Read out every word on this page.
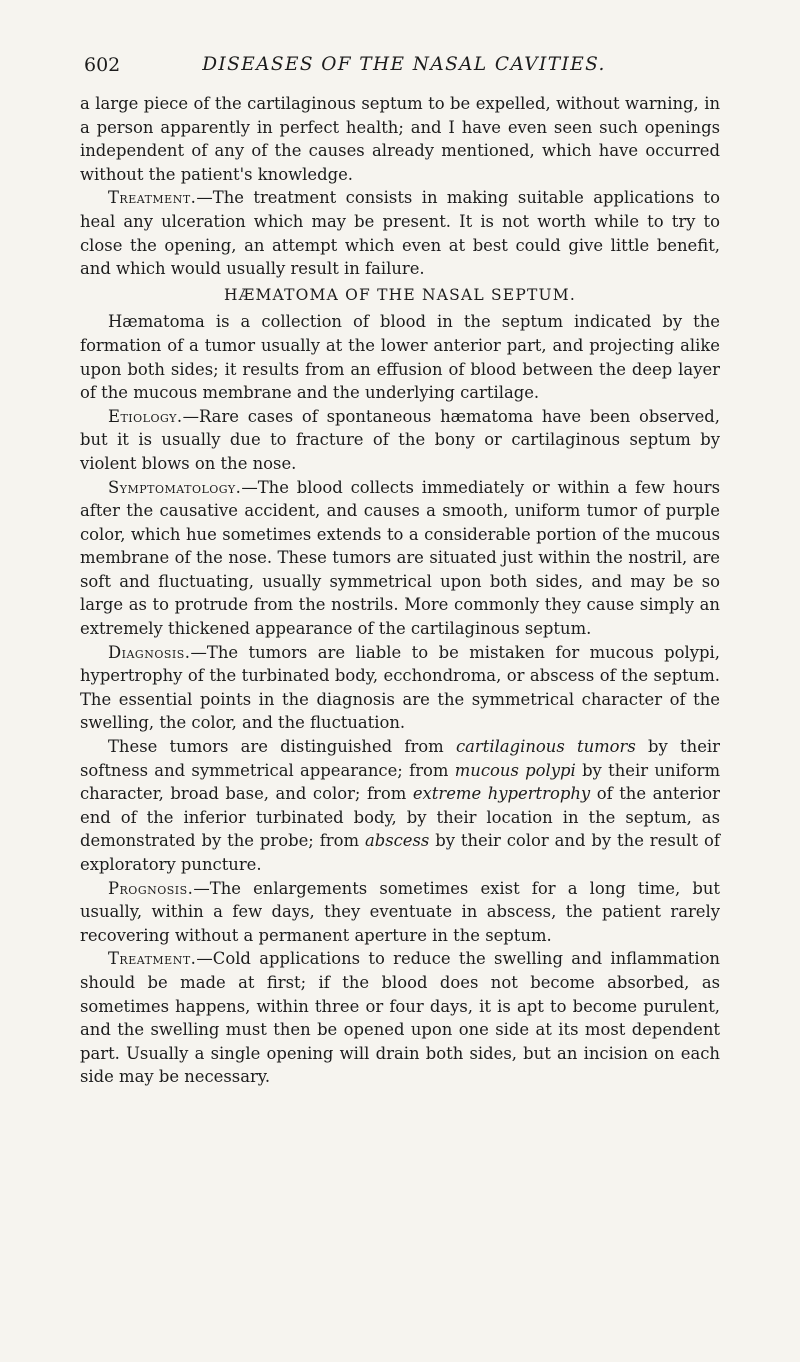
602	DISEASES OF THE NASAL CAVITIES.

a large piece of the cartilaginous septum to be expelled, without warning, in a person apparently in perfect health; and I have even seen such openings independent of any of the causes already mentioned, which have occurred without the patient's knowledge.

Treatment.—The treatment consists in making suitable applications to heal any ulceration which may be present. It is not worth while to try to close the opening, an attempt which even at best could give little benefit, and which would usually result in failure.

HÆMATOMA OF THE NASAL SEPTUM.

Hæmatoma is a collection of blood in the septum indicated by the formation of a tumor usually at the lower anterior part, and projecting alike upon both sides; it results from an effusion of blood between the deep layer of the mucous membrane and the underlying cartilage.

Etiology.—Rare cases of spontaneous hæmatoma have been observed, but it is usually due to fracture of the bony or cartilaginous septum by violent blows on the nose.

Symptomatology.—The blood collects immediately or within a few hours after the causative accident, and causes a smooth, uniform tumor of purple color, which hue sometimes extends to a considerable portion of the mucous membrane of the nose. These tumors are situated just within the nostril, are soft and fluctuating, usually symmetrical upon both sides, and may be so large as to protrude from the nostrils. More commonly they cause simply an extremely thickened appearance of the cartilaginous septum.

Diagnosis.—The tumors are liable to be mistaken for mucous polypi, hypertrophy of the turbinated body, ecchondroma, or abscess of the septum. The essential points in the diagnosis are the symmetrical character of the swelling, the color, and the fluctuation.

These tumors are distinguished from cartilaginous tumors by their softness and symmetrical appearance; from mucous polypi by their uniform character, broad base, and color; from extreme hypertrophy of the anterior end of the inferior turbinated body, by their location in the septum, as demonstrated by the probe; from abscess by their color and by the result of exploratory puncture.

Prognosis.—The enlargements sometimes exist for a long time, but usually, within a few days, they eventuate in abscess, the patient rarely recovering without a permanent aperture in the septum.

Treatment.—Cold applications to reduce the swelling and inflammation should be made at first; if the blood does not become absorbed, as sometimes happens, within three or four days, it is apt to become purulent, and the swelling must then be opened upon one side at its most dependent part. Usually a single opening will drain both sides, but an incision on each side may be necessary.
